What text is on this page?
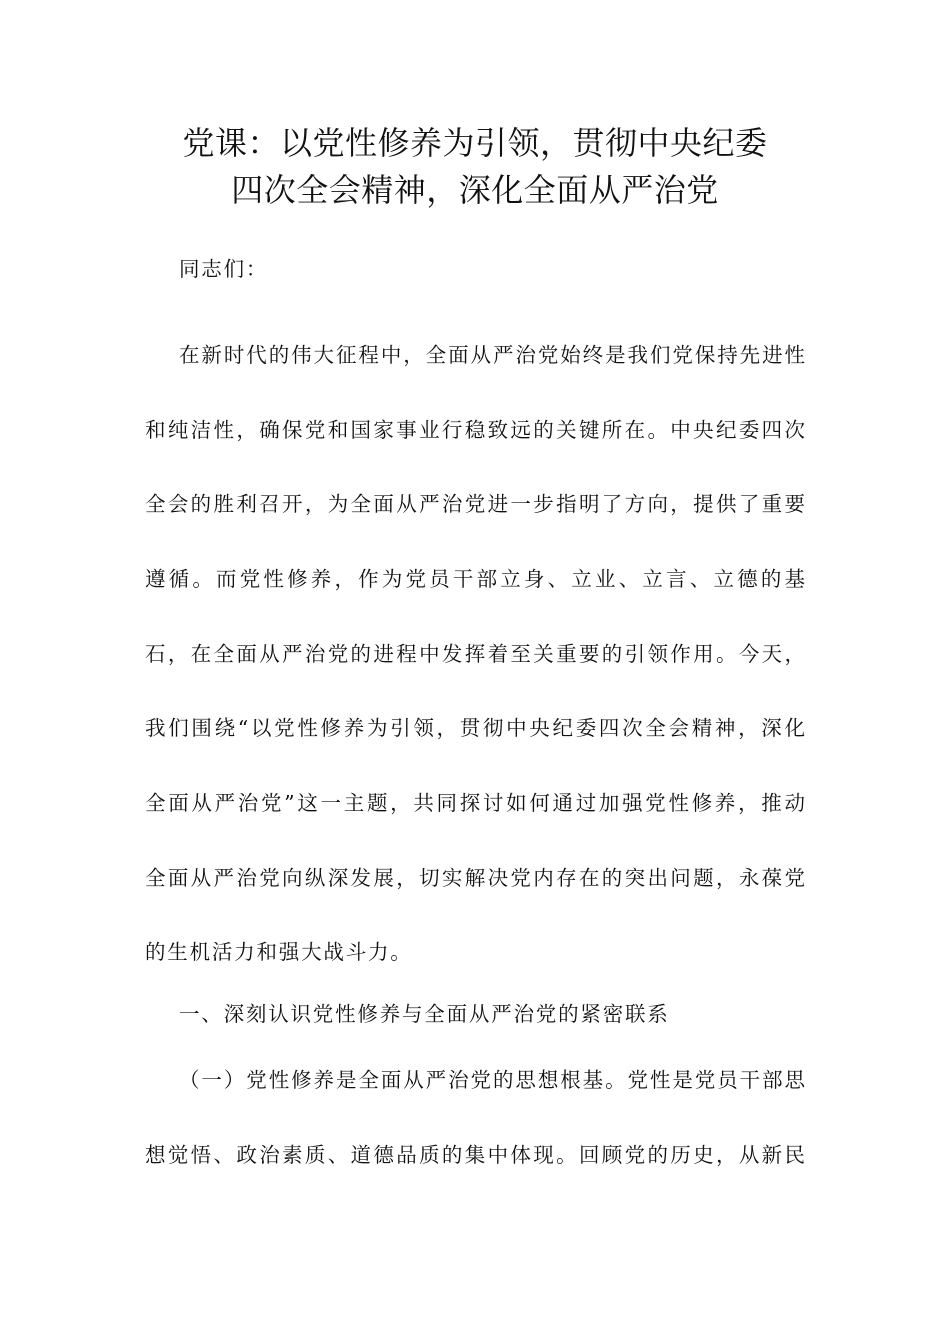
党课：以党性修养为引领，贯彻中央纪委
四次全会精神，深化全面从严治党
同志们：
在新时代的伟大征程中，全面从严治党始终是我们党保持先进性
和纯洁性，确保党和国家事业行稳致远的关键所在。中央纪委四次
全会的胜利召开，为全面从严治党进一步指明了方向，提供了重要
遵循。而党性修养，作为党员干部立身、立业、立言、立德的基
石，在全面从严治党的进程中发挥着至关重要的引领作用。今天，
我们围绕“以党性修养为引领，贯彻中央纪委四次全会精神，深化
全面从严治党”这一主题，共同探讨如何通过加强党性修养，推动
全面从严治党向纵深发展，切实解决党内存在的突出问题，永葆党
的生机活力和强大战斗力。
一、深刻认识党性修养与全面从严治党的紧密联系
（一）党性修养是全面从严治党的思想根基。党性是党员干部思
想觉悟、政治素质、道德品质的集中体现。回顾党的历史，从新民
